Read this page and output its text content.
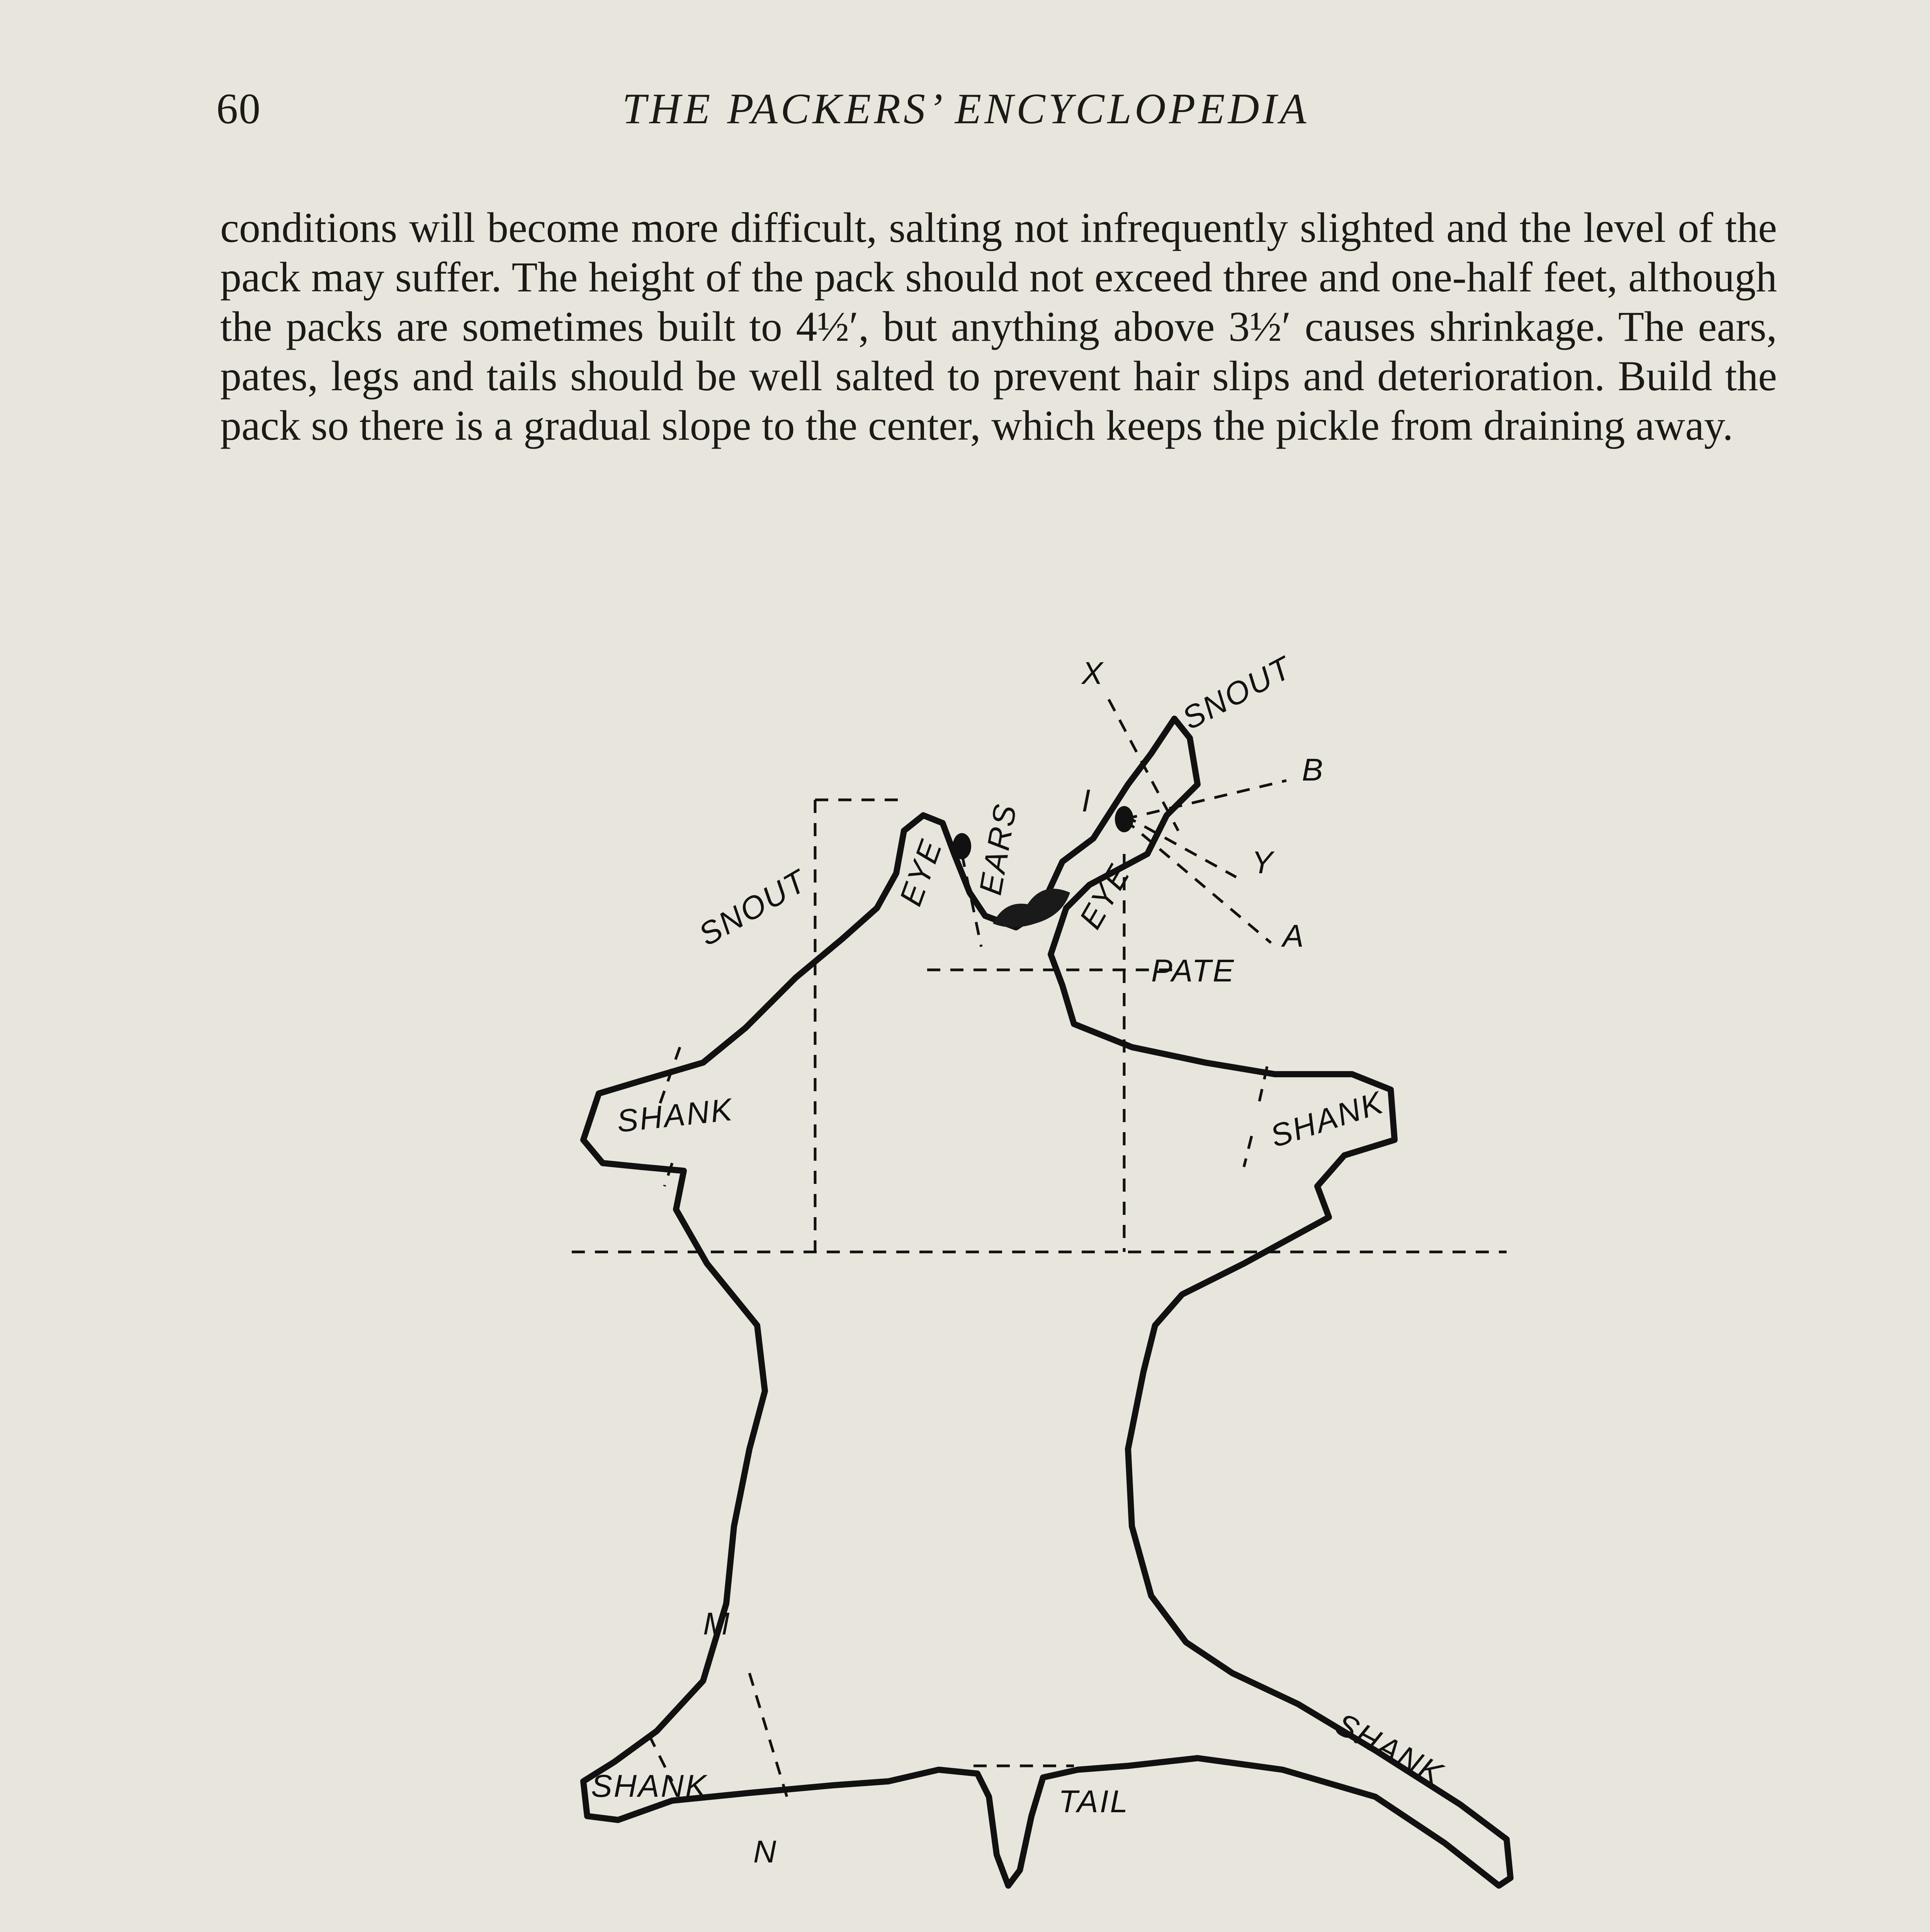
60	THE PACKERS’ ENCYCLOPEDIA

conditions will become more difficult, salting not infrequently slighted and the level of the pack may suffer. The height of the pack should not exceed three and one-half feet, although the packs are sometimes built to 4½′, but anything above 3½′ causes shrinkage. The ears, pates, legs and tails should be well salted to prevent hair slips and deterioration. Build the pack so there is a gradual slope to the center, which keeps the pickle from draining away.

X SNOUT
B
I
Y
A
PATE
SNOUT	EYE EARS EYE
SHANK	SHANK
M
SHANK
N
TAIL
SHANK
